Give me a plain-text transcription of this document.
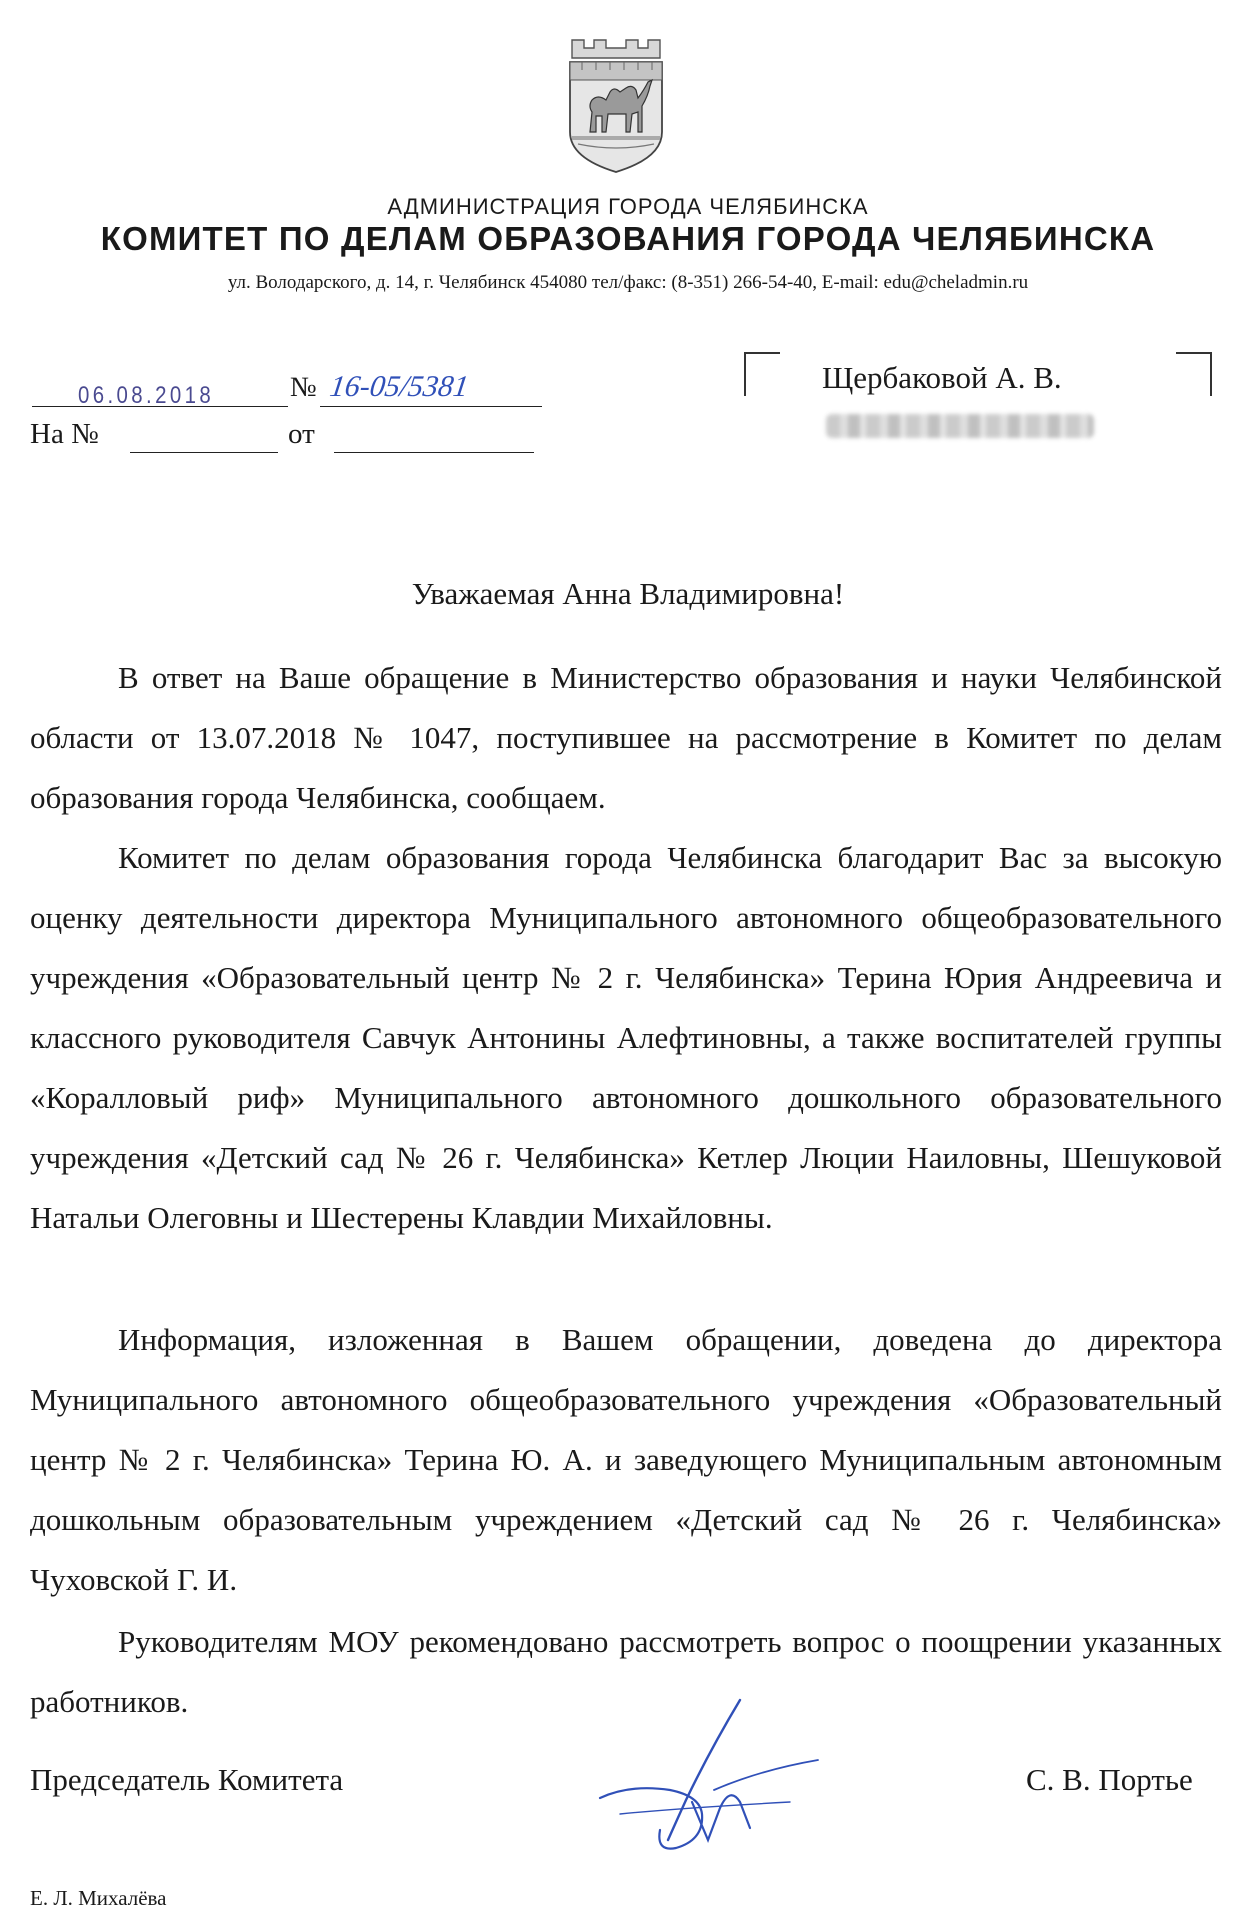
АДМИНИСТРАЦИЯ ГОРОДА ЧЕЛЯБИНСКА
КОМИТЕТ ПО ДЕЛАМ ОБРАЗОВАНИЯ ГОРОДА ЧЕЛЯБИНСКА
ул. Володарского, д. 14, г. Челябинск 454080 тел/факс: (8-351) 266-54-40, E-mail: edu@cheladmin.ru
06.08.2018	№ 16-05/5381
На №	от
Щербаковой А. В.
Уважаемая Анна Владимировна!
В ответ на Ваше обращение в Министерство образования и науки Челябинской области от 13.07.2018 № 1047, поступившее на рассмотрение в Комитет по делам образования города Челябинска, сообщаем.
Комитет по делам образования города Челябинска благодарит Вас за высокую оценку деятельности директора Муниципального автономного общеобразовательного учреждения «Образовательный центр № 2 г. Челябинска» Терина Юрия Андреевича и классного руководителя Савчук Антонины Алефтиновны, а также воспитателей группы «Коралловый риф» Муниципального автономного дошкольного образовательного учреждения «Детский сад № 26 г. Челябинска» Кетлер Люции Наиловны, Шешуковой Натальи Олеговны и Шестерены Клавдии Михайловны.
Информация, изложенная в Вашем обращении, доведена до директора Муниципального автономного общеобразовательного учреждения «Образовательный центр № 2 г. Челябинска» Терина Ю. А. и заведующего Муниципальным автономным дошкольным образовательным учреждением «Детский сад № 26 г. Челябинска» Чуховской Г. И.
Руководителям МОУ рекомендовано рассмотреть вопрос о поощрении указанных работников.
Председатель Комитета	С. В. Портье
Е. Л. Михалёва
